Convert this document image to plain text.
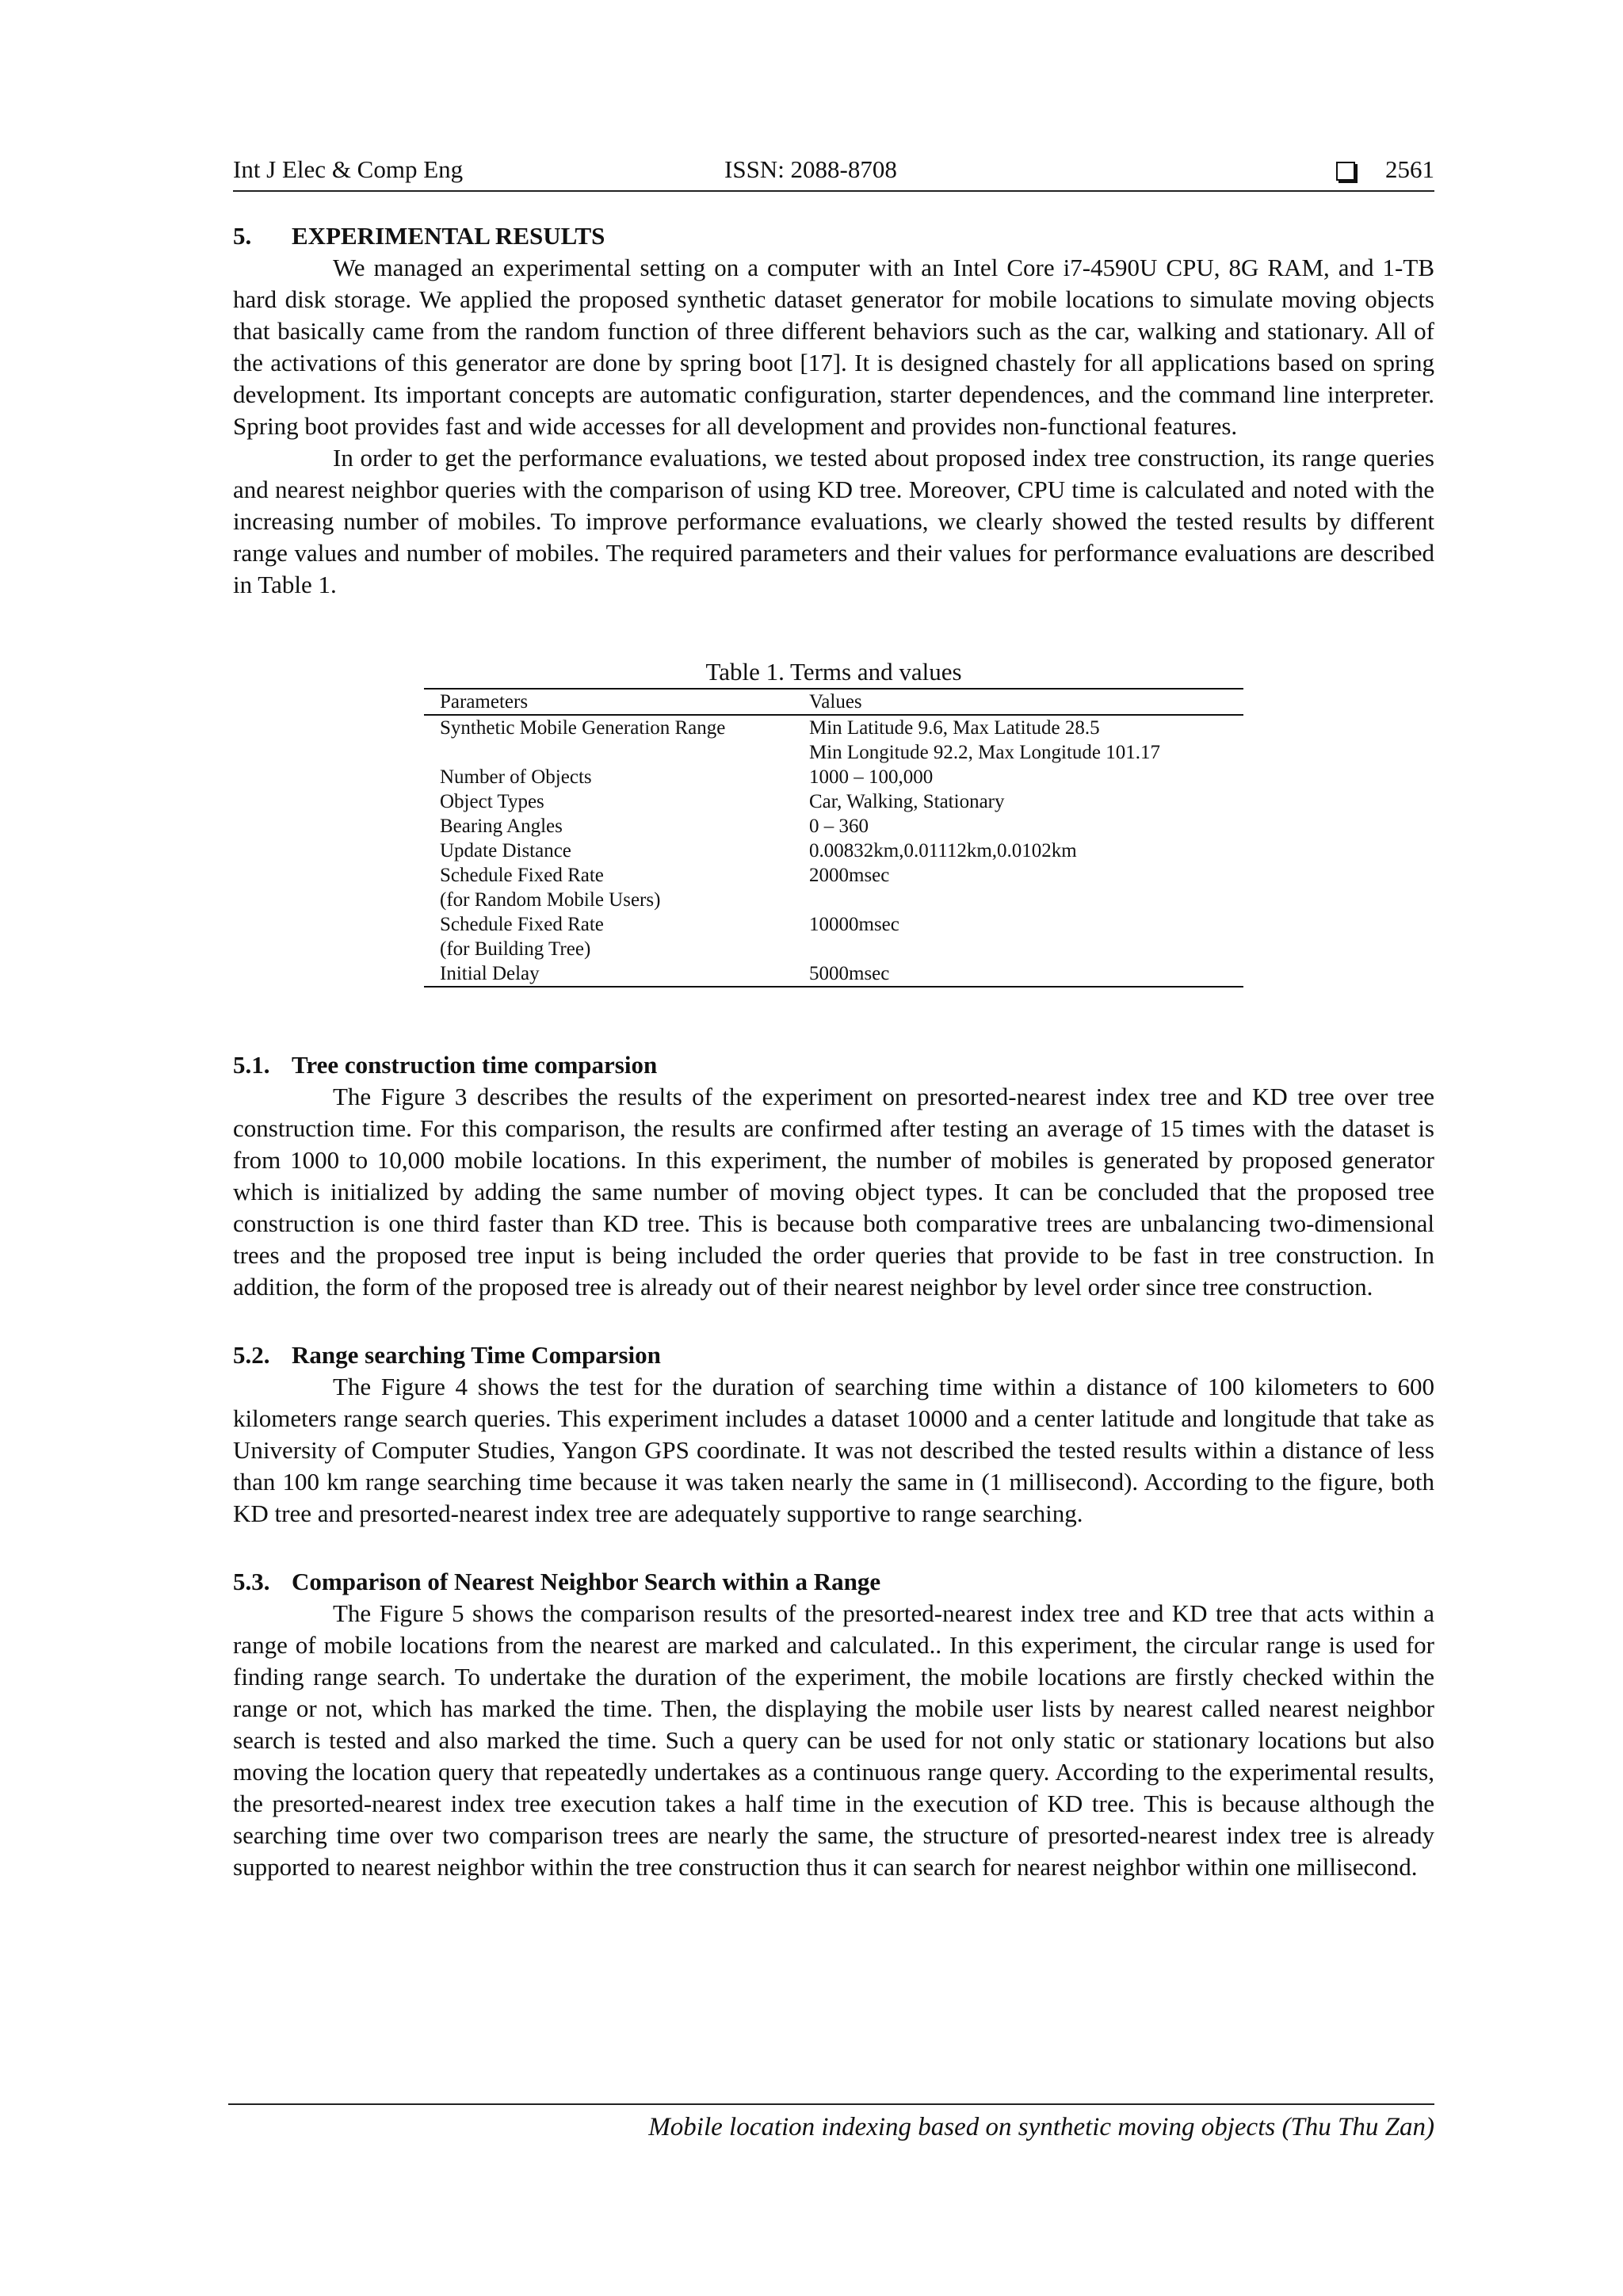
Int J Elec & Comp Eng	ISSN: 2088-8708	2561
5. EXPERIMENTAL RESULTS

We managed an experimental setting on a computer with an Intel Core i7-4590U CPU, 8G RAM, and 1-TB hard disk storage. We applied the proposed synthetic dataset generator for mobile locations to simulate moving objects that basically came from the random function of three different behaviors such as the car, walking and stationary. All of the activations of this generator are done by spring boot [17]. It is designed chastely for all applications based on spring development. Its important concepts are automatic configuration, starter dependences, and the command line interpreter. Spring boot provides fast and wide accesses for all development and provides non-functional features.

In order to get the performance evaluations, we tested about proposed index tree construction, its range queries and nearest neighbor queries with the comparison of using KD tree. Moreover, CPU time is calculated and noted with the increasing number of mobiles. To improve performance evaluations, we clearly showed the tested results by different range values and number of mobiles. The required parameters and their values for performance evaluations are described in Table 1.

Table 1. Terms and values
Parameters	Values
Synthetic Mobile Generation Range	Min Latitude 9.6, Max Latitude 28.5
	Min Longitude 92.2, Max Longitude 101.17
Number of Objects	1000 – 100,000
Object Types	Car, Walking, Stationary
Bearing Angles	0 – 360
Update Distance	0.00832km,0.01112km,0.0102km
Schedule Fixed Rate	2000msec
(for Random Mobile Users)	
Schedule Fixed Rate	10000msec
(for Building Tree)	
Initial Delay	5000msec
5.1. Tree construction time comparsion

The Figure 3 describes the results of the experiment on presorted-nearest index tree and KD tree over tree construction time. For this comparison, the results are confirmed after testing an average of 15 times with the dataset is from 1000 to 10,000 mobile locations. In this experiment, the number of mobiles is generated by proposed generator which is initialized by adding the same number of moving object types. It can be concluded that the proposed tree construction is one third faster than KD tree. This is because both comparative trees are unbalancing two-dimensional trees and the proposed tree input is being included the order queries that provide to be fast in tree construction. In addition, the form of the proposed tree is already out of their nearest neighbor by level order since tree construction.

5.2. Range searching Time Comparsion

The Figure 4 shows the test for the duration of searching time within a distance of 100 kilometers to 600 kilometers range search queries. This experiment includes a dataset 10000 and a center latitude and longitude that take as University of Computer Studies, Yangon GPS coordinate. It was not described the tested results within a distance of less than 100 km range searching time because it was taken nearly the same in (1 millisecond). According to the figure, both KD tree and presorted-nearest index tree are adequately supportive to range searching.

5.3. Comparison of Nearest Neighbor Search within a Range

The Figure 5 shows the comparison results of the presorted-nearest index tree and KD tree that acts within a range of mobile locations from the nearest are marked and calculated.. In this experiment, the circular range is used for finding range search. To undertake the duration of the experiment, the mobile locations are firstly checked within the range or not, which has marked the time. Then, the displaying the mobile user lists by nearest called nearest neighbor search is tested and also marked the time. Such a query can be used for not only static or stationary locations but also moving the location query that repeatedly undertakes as a continuous range query. According to the experimental results, the presorted-nearest index tree execution takes a half time in the execution of KD tree. This is because although the searching time over two comparison trees are nearly the same, the structure of presorted-nearest index tree is already supported to nearest neighbor within the tree construction thus it can search for nearest neighbor within one millisecond.

Mobile location indexing based on synthetic moving objects (Thu Thu Zan)
